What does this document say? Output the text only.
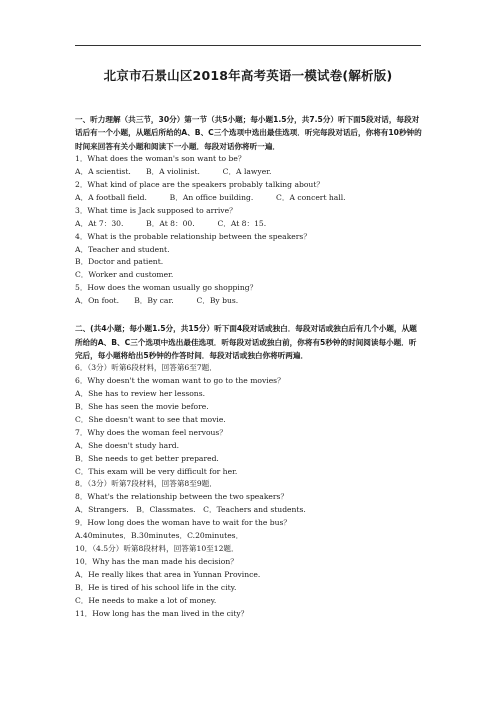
北京市石景山区2018年高考英语一模试卷(解析版)

一、听力理解（共三节，30分）第一节（共5小题；每小题1.5分，共7.5分）听下面5段对话，每段对话后有一个小题，从题后所给的A、B、C三个选项中选出最佳选项．听完每段对话后，你将有10秒钟的时间来回答有关小题和阅读下一小题．每段对话你将听一遍．

1．What does the woman's son want to be？

A．A scientist.　　B．A violinist.　　　C．A lawyer.

2．What kind of place are the speakers probably talking about？

A．A football field.　　　B．An office building.　　　C．A concert hall.

3．What time is Jack supposed to arrive？

A．At 7：30.　　　B．At 8：00.　　　C．At 8：15.

4．What is the probable relationship between the speakers？

A．Teacher and student.

B．Doctor and patient.

C．Worker and customer.

5．How does the woman usually go shopping？

A．On foot.　　B．By car.　　　C．By bus.

二、(共4小题；每小题1.5分，共15分）听下面4段对话或独白．每段对话或独白后有几个小题，从题所给的A、B、C三个选项中选出最佳选项．听每段对话或独白前，你将有5秒钟的时间阅读每小题．听完后，每小题将给出5秒钟的作答时间．每段对话或独白你将听两遍．

6．（3分）听第6段材料，回答第6至7题．

6．Why doesn't the woman want to go to the movies？

A．She has to review her lessons.

B．She has seen the movie before.

C．She doesn't want to see that movie.

7．Why does the woman feel nervous？

A．She doesn't study hard.

B．She needs to get better prepared.

C．This exam will be very difficult for her.

8．（3分）听第7段材料，回答第8至9题．

8．What's the relationship between the two speakers？

A．Strangers.　B．Classmates.　C．Teachers and students.

9．How long does the woman have to wait for the bus？

A.40minutes．B.30minutes．C.20minutes．

10．（4.5分）听第8段材料，回答第10至12题．

10．Why has the man made his decision？

A．He really likes that area in Yunnan Province.

B．He is tired of his school life in the city.

C．He needs to make a lot of money.

11．How long has the man lived in the city？
